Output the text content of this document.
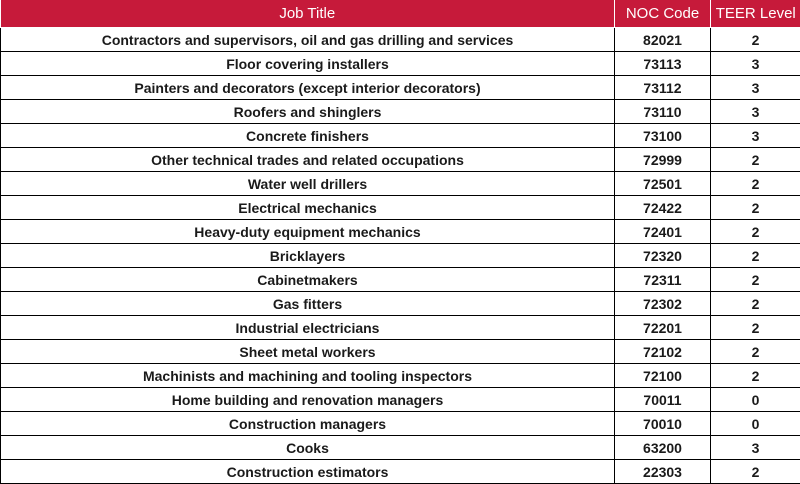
Job Title	NOC Code	TEER Level
Contractors and supervisors, oil and gas drilling and services	82021	2
Floor covering installers	73113	3
Painters and decorators (except interior decorators)	73112	3
Roofers and shinglers	73110	3
Concrete finishers	73100	3
Other technical trades and related occupations	72999	2
Water well drillers	72501	2
Electrical mechanics	72422	2
Heavy-duty equipment mechanics	72401	2
Bricklayers	72320	2
Cabinetmakers	72311	2
Gas fitters	72302	2
Industrial electricians	72201	2
Sheet metal workers	72102	2
Machinists and machining and tooling inspectors	72100	2
Home building and renovation managers	70011	0
Construction managers	70010	0
Cooks	63200	3
Construction estimators	22303	2
